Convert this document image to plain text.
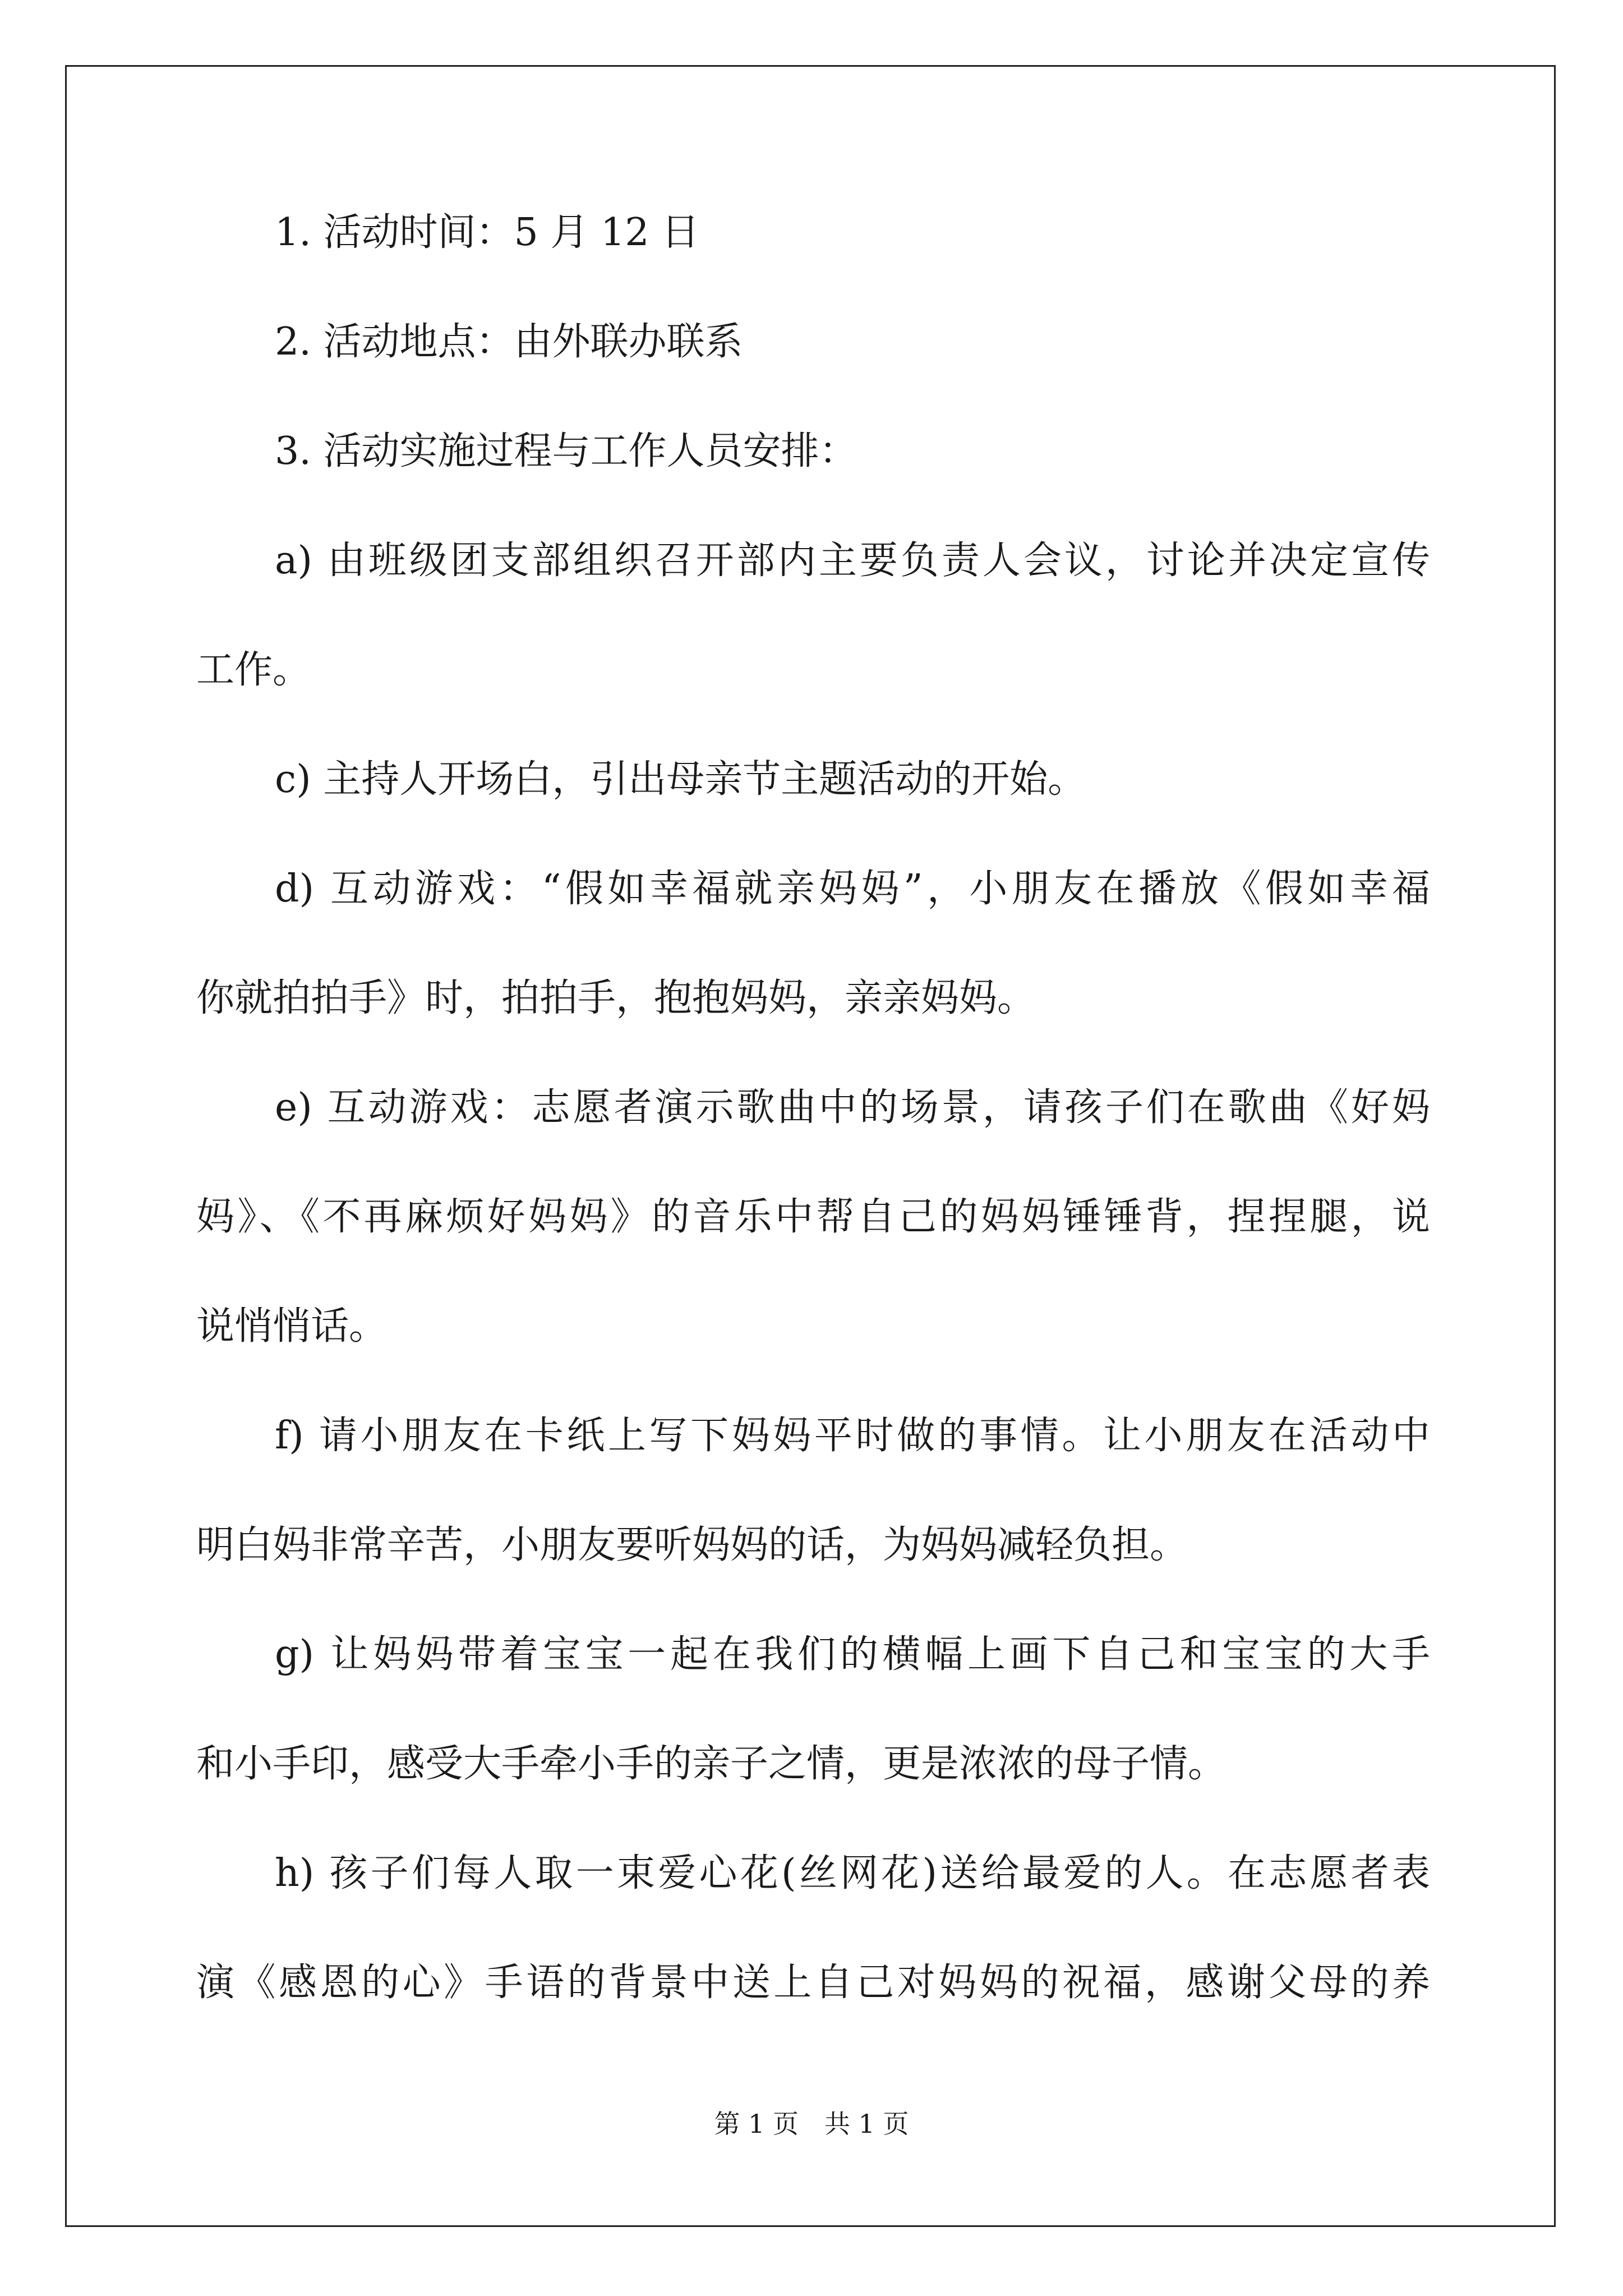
1. 活动时间：5 月 12 日
2. 活动地点：由外联办联系
3. 活动实施过程与工作人员安排：
a) 由班级团支部组织召开部内主要负责人会议，讨论并决定宣传
工作。
c) 主持人开场白，引出母亲节主题活动的开始。
d) 互动游戏：“假如幸福就亲妈妈”，小朋友在播放《假如幸福
你就拍拍手》时，拍拍手，抱抱妈妈，亲亲妈妈。
e) 互动游戏：志愿者演示歌曲中的场景，请孩子们在歌曲《好妈
妈》、《不再麻烦好妈妈》的音乐中帮自己的妈妈锤锤背，捏捏腿，说
说悄悄话。
f) 请小朋友在卡纸上写下妈妈平时做的事情。让小朋友在活动中
明白妈非常辛苦，小朋友要听妈妈的话，为妈妈减轻负担。
g) 让妈妈带着宝宝一起在我们的横幅上画下自己和宝宝的大手
和小手印，感受大手牵小手的亲子之情，更是浓浓的母子情。
h) 孩子们每人取一束爱心花(丝网花)送给最爱的人。在志愿者表
演《感恩的心》手语的背景中送上自己对妈妈的祝福，感谢父母的养
第 1 页　共 1 页
